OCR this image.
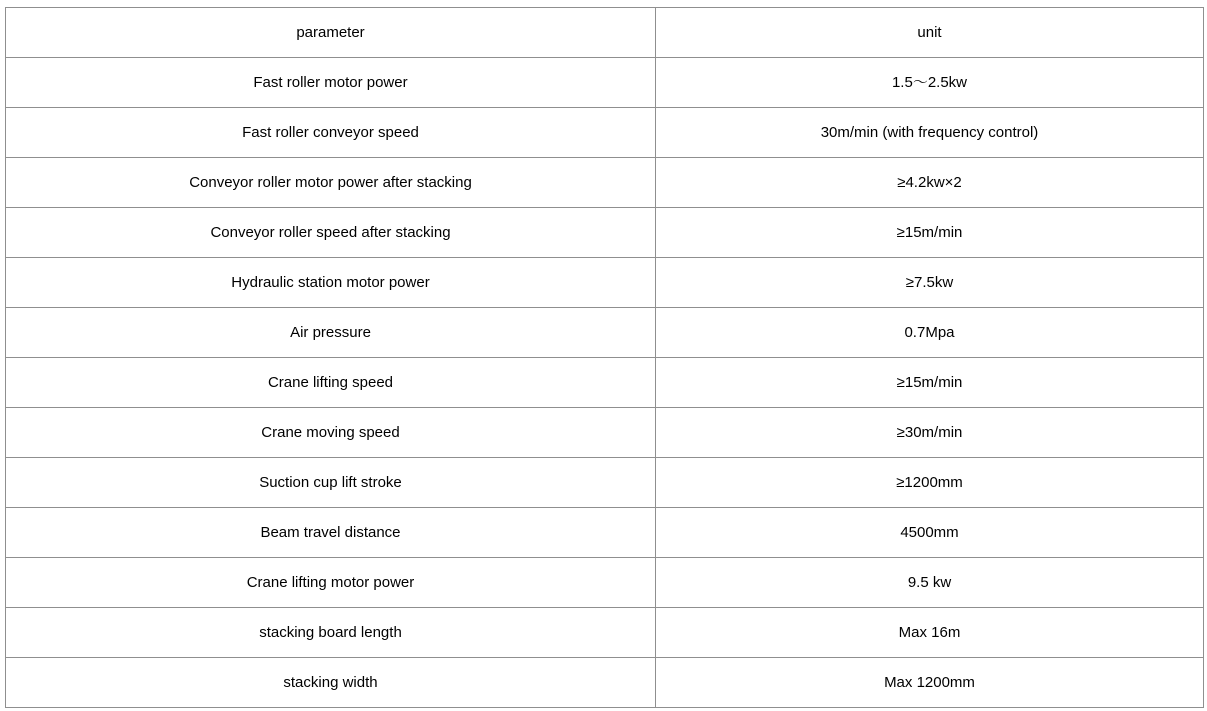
parameter	unit
Fast roller motor power	1.5～2.5kw
Fast roller conveyor speed	30m/min (with frequency control)
Conveyor roller motor power after stacking	≥4.2kw×2
Conveyor roller speed after stacking	≥15m/min
Hydraulic station motor power	≥7.5kw
Air pressure	0.7Mpa
Crane lifting speed	≥15m/min
Crane moving speed	≥30m/min
Suction cup lift stroke	≥1200mm
Beam travel distance	4500mm
Crane lifting motor power	9.5 kw
stacking board length	Max 16m
stacking width	Max 1200mm
